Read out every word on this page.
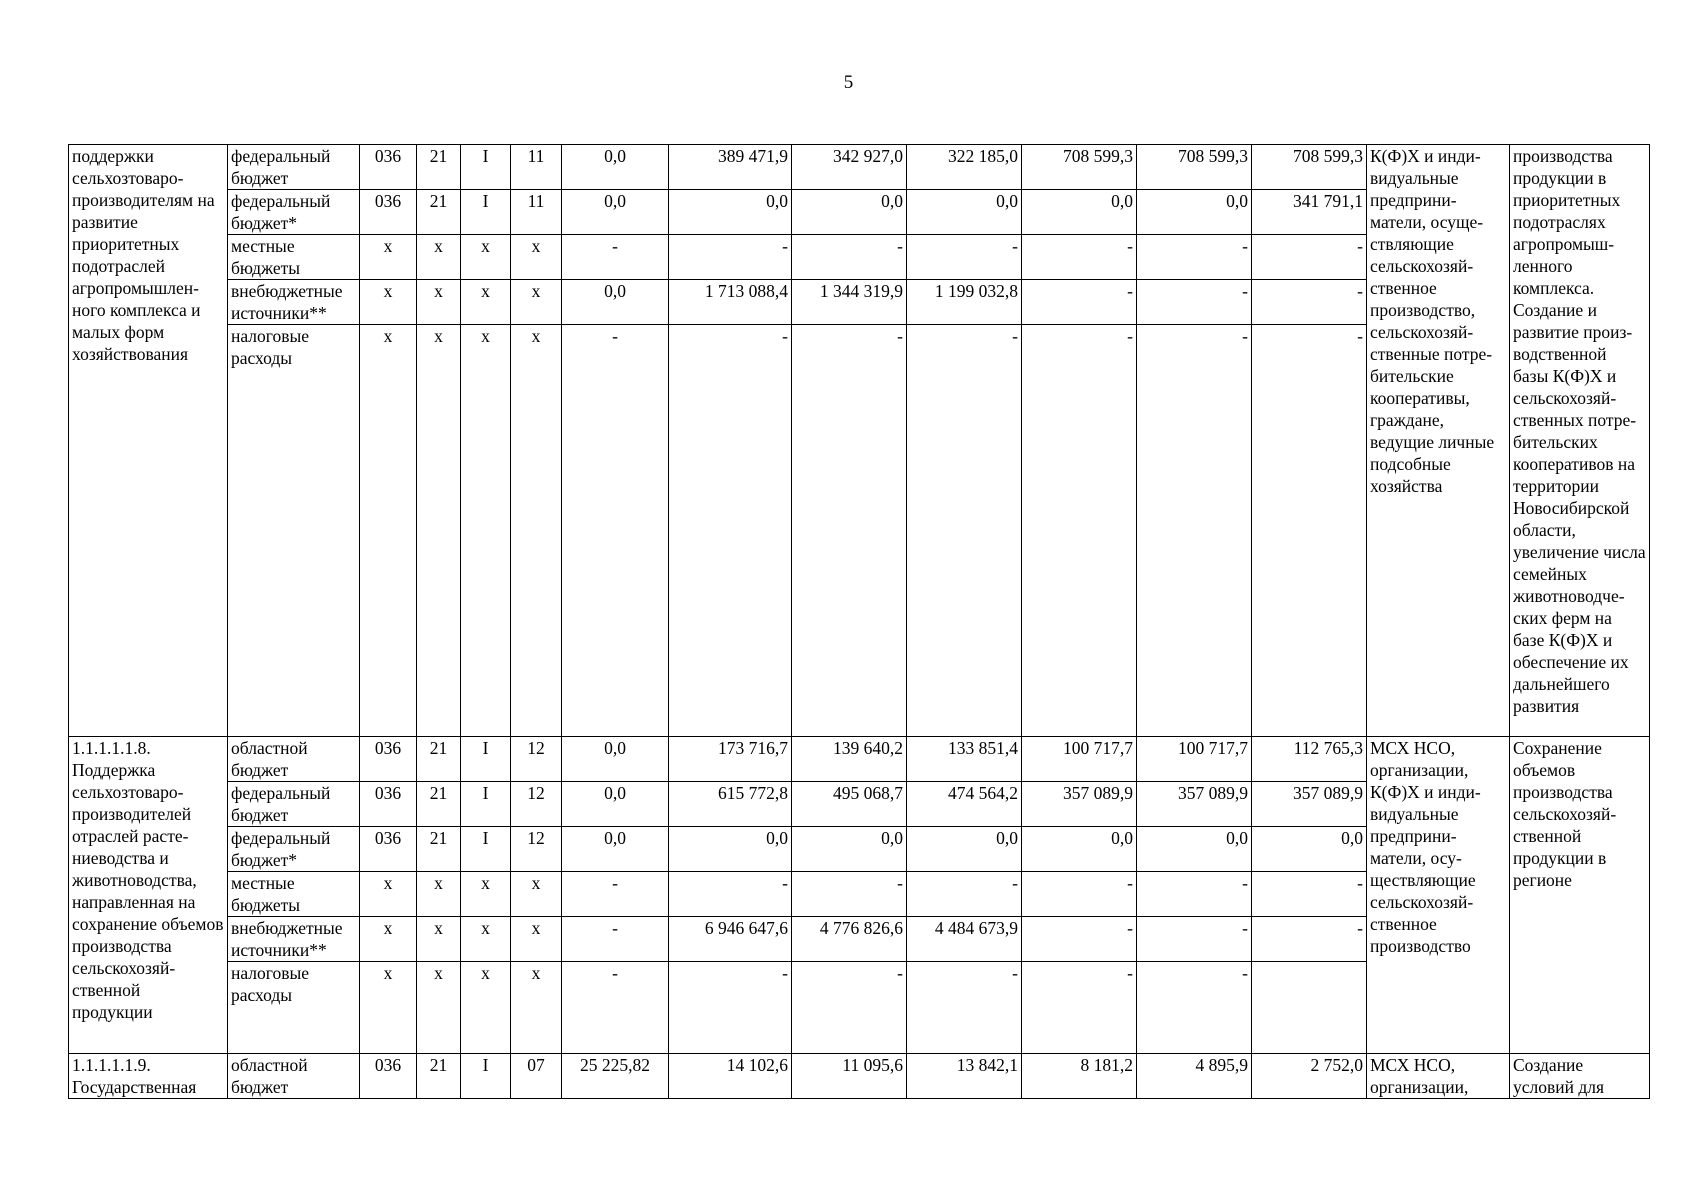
5
поддержки сельхозтоваро-производителям на развитие приоритетных подотраслей агропромышлен-ного комплекса и малых форм хозяйствования	федеральный бюджет	036	21	I	11	0,0	389 471,9	342 927,0	322 185,0	708 599,3	708 599,3	708 599,3	К(Ф)Х и инди-видуальные предприни-матели, осуще-ствляющие сельскохозяй-ственное производство, сельскохозяй-ственные потре-бительские кооперативы, граждане, ведущие личные подсобные хозяйства	производства продукции в приоритетных подотраслях агропромыш-ленного комплекса. Создание и развитие произ-водственной базы К(Ф)Х и сельскохозяй-ственных потре-бительских кооперативов на территории Новосибирской области, увеличение числа семейных животноводче-ских ферм на базе К(Ф)Х и обеспечение их дальнейшего развития
	федеральный бюджет*	036	21	I	11	0,0	0,0	0,0	0,0	0,0	0,0	341 791,1		
	местные бюджеты	х	х	х	х	-	-	-	-	-	-	-		
	внебюджетные источники**	х	х	х	х	0,0	1 713 088,4	1 344 319,9	1 199 032,8	-	-	-		
	налоговые расходы	х	х	х	х	-	-	-	-	-	-	-		
1.1.1.1.1.8. Поддержка сельхозтоваро-производителей отраслей расте-ниеводства и животноводства, направленная на сохранение объемов производства сельскохозяй-ственной продукции	областной бюджет	036	21	I	12	0,0	173 716,7	139 640,2	133 851,4	100 717,7	100 717,7	112 765,3	МСХ НСО, организации, К(Ф)Х и инди-видуальные предприни-матели, осу-ществляющие сельскохозяй-ственное производство	Сохранение объемов производства сельскохозяй-ственной продукции в регионе
	федеральный бюджет	036	21	I	12	0,0	615 772,8	495 068,7	474 564,2	357 089,9	357 089,9	357 089,9		
	федеральный бюджет*	036	21	I	12	0,0	0,0	0,0	0,0	0,0	0,0	0,0		
	местные бюджеты	х	х	х	х	-	-	-	-	-	-	-		
	внебюджетные источники**	х	х	х	х	-	6 946 647,6	4 776 826,6	4 484 673,9	-	-	-		
	налоговые расходы	х	х	х	х	-	-	-	-	-	-			
1.1.1.1.1.9. Государственная	областной бюджет	036	21	I	07	25 225,82	14 102,6	11 095,6	13 842,1	8 181,2	4 895,9	2 752,0	МСХ НСО, организации,	Создание условий для
